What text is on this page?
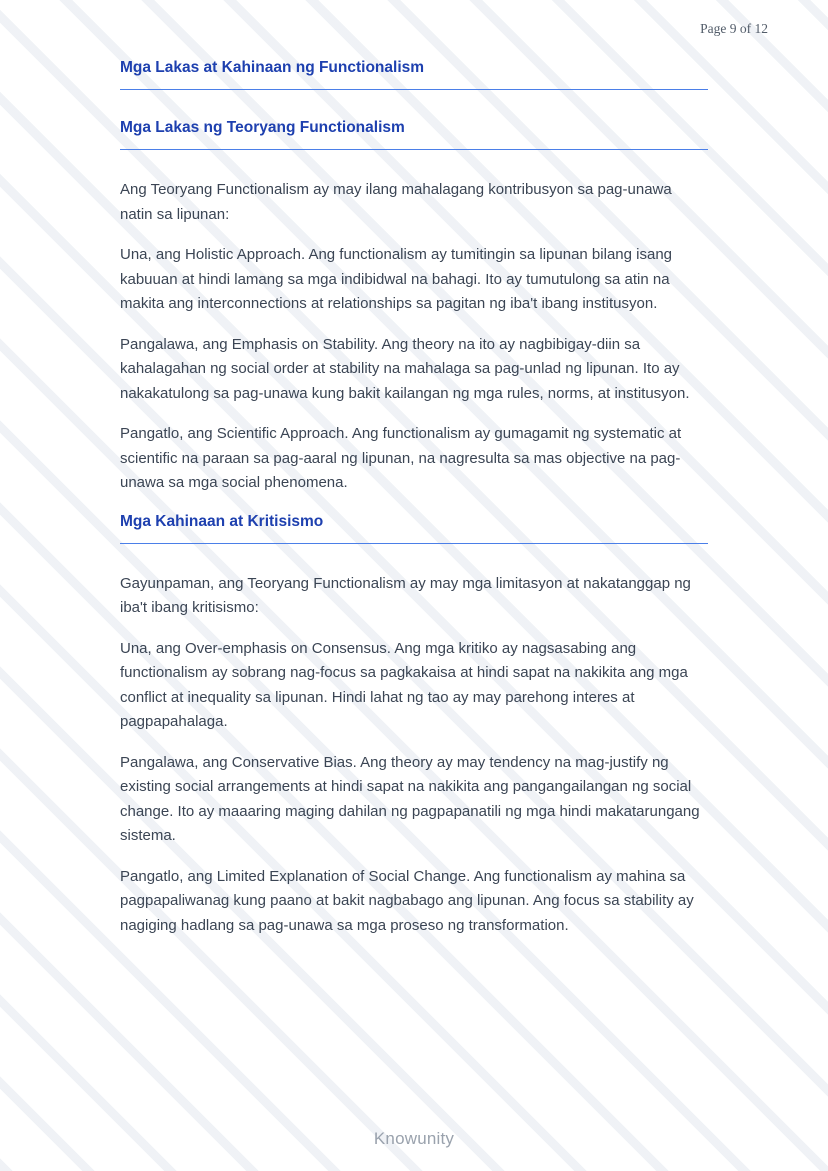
Page 9 of 12
Mga Lakas at Kahinaan ng Functionalism
Mga Lakas ng Teoryang Functionalism

Ang Teoryang Functionalism ay may ilang mahalagang kontribusyon sa pag-unawa natin sa lipunan:

Una, ang Holistic Approach. Ang functionalism ay tumitingin sa lipunan bilang isang kabuuan at hindi lamang sa mga indibidwal na bahagi. Ito ay tumutulong sa atin na makita ang interconnections at relationships sa pagitan ng iba't ibang institusyon.

Pangalawa, ang Emphasis on Stability. Ang theory na ito ay nagbibigay-diin sa kahalagahan ng social order at stability na mahalaga sa pag-unlad ng lipunan. Ito ay nakakatulong sa pag-unawa kung bakit kailangan ng mga rules, norms, at institusyon.

Pangatlo, ang Scientific Approach. Ang functionalism ay gumagamit ng systematic at scientific na paraan sa pag-aaral ng lipunan, na nagresulta sa mas objective na pag-unawa sa mga social phenomena.

Mga Kahinaan at Kritisismo

Gayunpaman, ang Teoryang Functionalism ay may mga limitasyon at nakatanggap ng iba't ibang kritisismo:

Una, ang Over-emphasis on Consensus. Ang mga kritiko ay nagsasabing ang functionalism ay sobrang nag-focus sa pagkakaisa at hindi sapat na nakikita ang mga conflict at inequality sa lipunan. Hindi lahat ng tao ay may parehong interes at pagpapahalaga.

Pangalawa, ang Conservative Bias. Ang theory ay may tendency na mag-justify ng existing social arrangements at hindi sapat na nakikita ang pangangailangan ng social change. Ito ay maaaring maging dahilan ng pagpapanatili ng mga hindi makatarungang sistema.

Pangatlo, ang Limited Explanation of Social Change. Ang functionalism ay mahina sa pagpapaliwanag kung paano at bakit nagbabago ang lipunan. Ang focus sa stability ay nagiging hadlang sa pag-unawa sa mga proseso ng transformation.

Knowunity
